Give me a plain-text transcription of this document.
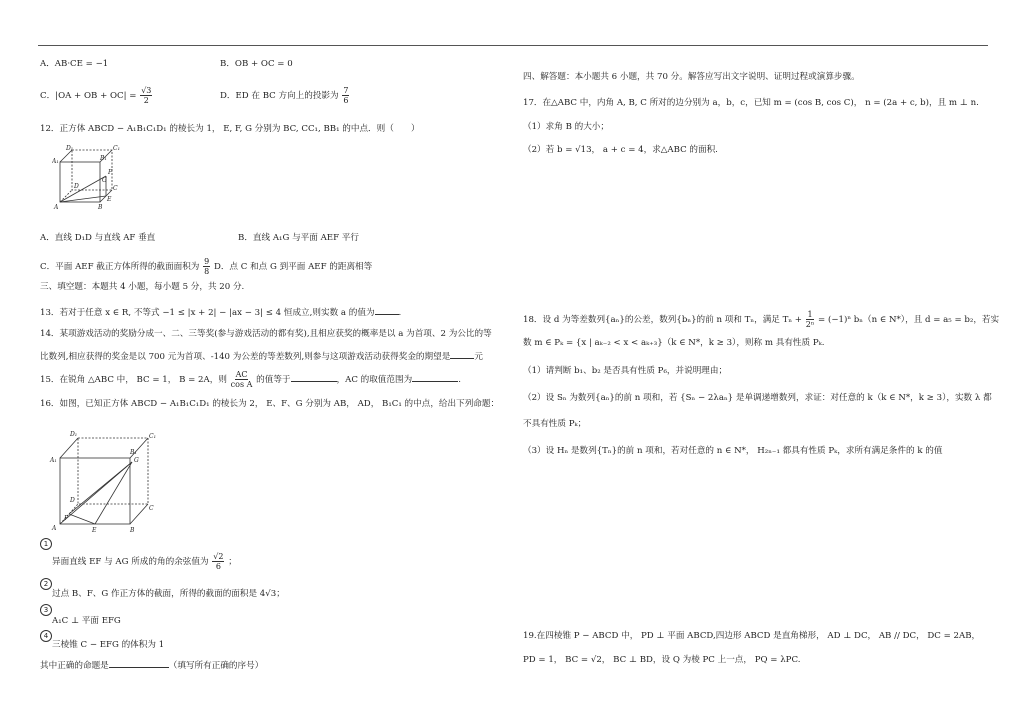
A．AB·CE = −1	B．OB + OC = 0
C．|OA + OB + $OC| = \frac{√3}{2}$	D．ED 在 BC 方向上的投影为 $\frac{7}{6}$
12．正方体 ABCD − A₁B₁C₁D₁ 的棱长为 1， E, F, G 分别为 BC, CC₁, BB₁ 的中点．则（　　）
D₁	C₁
A₁	B₁
D	C
A	B
E
F
G
A．直线 D₁D 与直线 AF 垂直	B．直线 A₁G 与平面 AEF 平行
C．平面 AEF 截正方体所得的截面面积为 $\frac{9}{8}$ D．点 C 和点 G 到平面 AEF 的距离相等
三、填空题：本题共 4 小题，每小题 5 分，共 20 分.
13．若对于任意 x ∈ R, 不等式 −1 ≤ |x + 2| − |ax − 3| ≤ 4 恒成立,则实数 a 的值为	.
14．某项游戏活动的奖励分成一、二、三等奖(参与游戏活动的都有奖),且相应获奖的概率是以 a 为首项、2 为公比的等
比数列,相应获得的奖金是以 700 元为首项、-140 为公差的等差数列,则参与这项游戏活动获得奖金的期望是	元
15．在锐角 △ABC 中， BC = 1， B = 2A，则 $\frac{AC}{\text{cos A}}$ 的值等于	，AC 的取值范围为	.
16．如图，已知正方体 ABCD − A₁B₁C₁D₁ 的棱长为 2， E、F、G 分别为 AB， AD， B₁C₁ 的中点，给出下列命题：
D₁	C₁
A₁
B₁
G
D
C
A	E	B
F
1
异面直线 EF 与 AG 所成的角的余弦值为 $\frac{√2}{6}$ ；
2
过点 B、F、G 作正方体的截面，所得的截面的面积是 4√3；
3
A₁C ⊥ 平面 EFG
4
三棱锥 C − EFG 的体积为 1
其中正确的命题是	（填写所有正确的序号）
四、解答题：本小题共 6 小题，共 70 分。解答应写出文字说明、证明过程或演算步骤。
17．在△ABC 中，内角 A, B, C 所对的边分别为 a，b，c，已知 m = (cos B, cos C)， n = (2a + c, b)，且 m ⊥ n.
（1）求角 B 的大小；
（2）若 b = √13， a + c = 4，求△ABC 的面积.
18．设 d 为等差数列{aₙ}的公差，数列{bₙ}的前 n 项和 Tₙ，满足 $T_n + \frac{1}{\text{2ⁿ}} = (-1)^n$ bₙ（n ∈ N*），且 d = a₅ = b₂，若实
数 m ∈ Pₖ = {x | aₖ₋₂ < x < aₖ₊₃}（k ∈ N*，k ≥ 3），则称 m 具有性质 Pₖ.
（1）请判断 b₁、b₂ 是否具有性质 P₆，并说明理由；
（2）设 Sₙ 为数列{aₙ}的前 n 项和，若 {Sₙ − 2λaₙ} 是单调递增数列，求证：对任意的 k（k ∈ N*，k ≥ 3），实数 λ 都
不具有性质 Pₖ；
（3）设 Hₙ 是数列{Tₙ}的前 n 项和，若对任意的 n ∈ N*， H₂ₙ₋₁ 都具有性质 Pₖ，求所有满足条件的 k 的值
19.在四棱锥 P − ABCD 中， PD ⊥ 平面 ABCD,四边形 ABCD 是直角梯形， AD ⊥ DC， AB // DC， DC = 2AB，
PD = 1， BC = √2， BC ⊥ BD，设 Q 为棱 PC 上一点， PQ = λPC.
